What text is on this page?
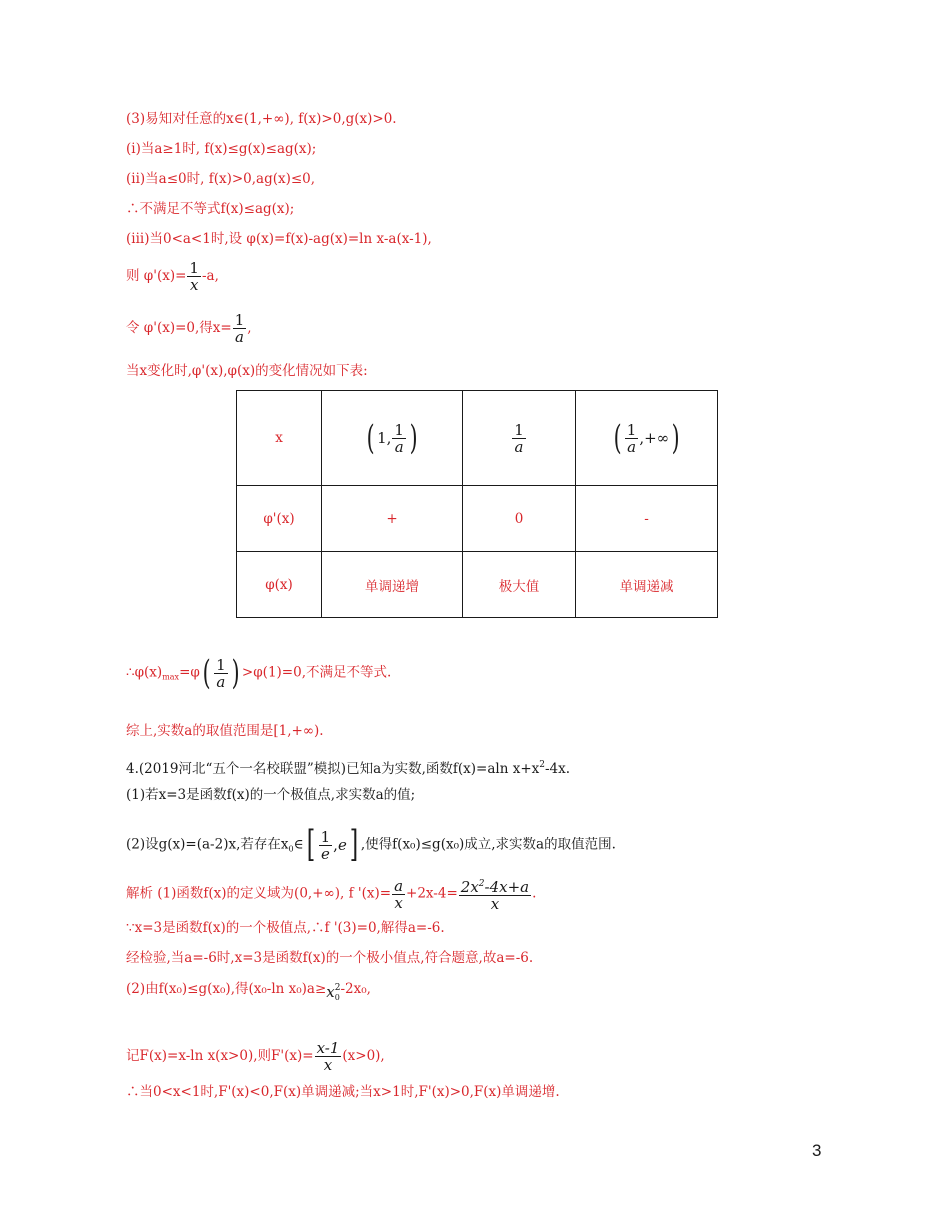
(3)易知对任意的x∈(1,+∞), f(x)>0,g(x)>0.
(i)当a≥1时, f(x)≤g(x)≤ag(x);
(ii)当a≤0时, f(x)>0,ag(x)≤0,
∴不满足不等式f(x)≤ag(x);
(iii)当0<a<1时,设 φ(x)=f(x)-ag(x)=ln x-a(x-1),
则 $\varphi'(x)= \frac{1}{x} -a$,
令 φ'(x)=0,得$x= \frac{1}{a}$ ,
当x变化时,φ'(x),φ(x)的变化情况如下表:
x	( 1, $\frac{1}{a}$ )	$\frac{1}{a}$	( $\frac{1}{a}$ ,+∞)
φ'(x)	+	0	-
φ(x)	单调递增	极大值	单调递减
$\therefore\varphi(x)_{max}=\varphi( \frac{1}{a}$ ) >φ(1)=0,不满足不等式.
综上,实数a的取值范围是[1,+∞).
4.(2019河北“五个一名校联盟”模拟)已知a为实数,函数f(x)=aln $x+x^2-4x$.
(1)若x=3是函数f(x)的一个极值点,求实数a的值;
(2)设g(x)=(a-2)x,若存在$x_0\in[ \frac{1}{e} ,e]$ ,使得f(x₀)≤g(x₀)成立,求实数a的取值范围.
解析 (1)函数f(x)的定义域为(0,+∞), f '$(x)= \frac{a}{x} +2x-4= \frac{2x^2-4x+a}{x}$ .
∵x=3是函数f(x)的一个极值点,∴f '(3)=0,解得a=-6.
经检验,当a=-6时,x=3是函数f(x)的一个极小值点,符合题意,故a=-6.
(2)由f(x₀)≤g(x₀),得(x₀-ln x₀)a≥x 2
0
-2x₀,
记F(x)=x-ln x(x>0),则$F'(x)= \frac{x-1}{x} (x>0)$,
∴当0<x<1时,F'(x)<0,F(x)单调递减;当x>1时,F'(x)>0,F(x)单调递增.
3
